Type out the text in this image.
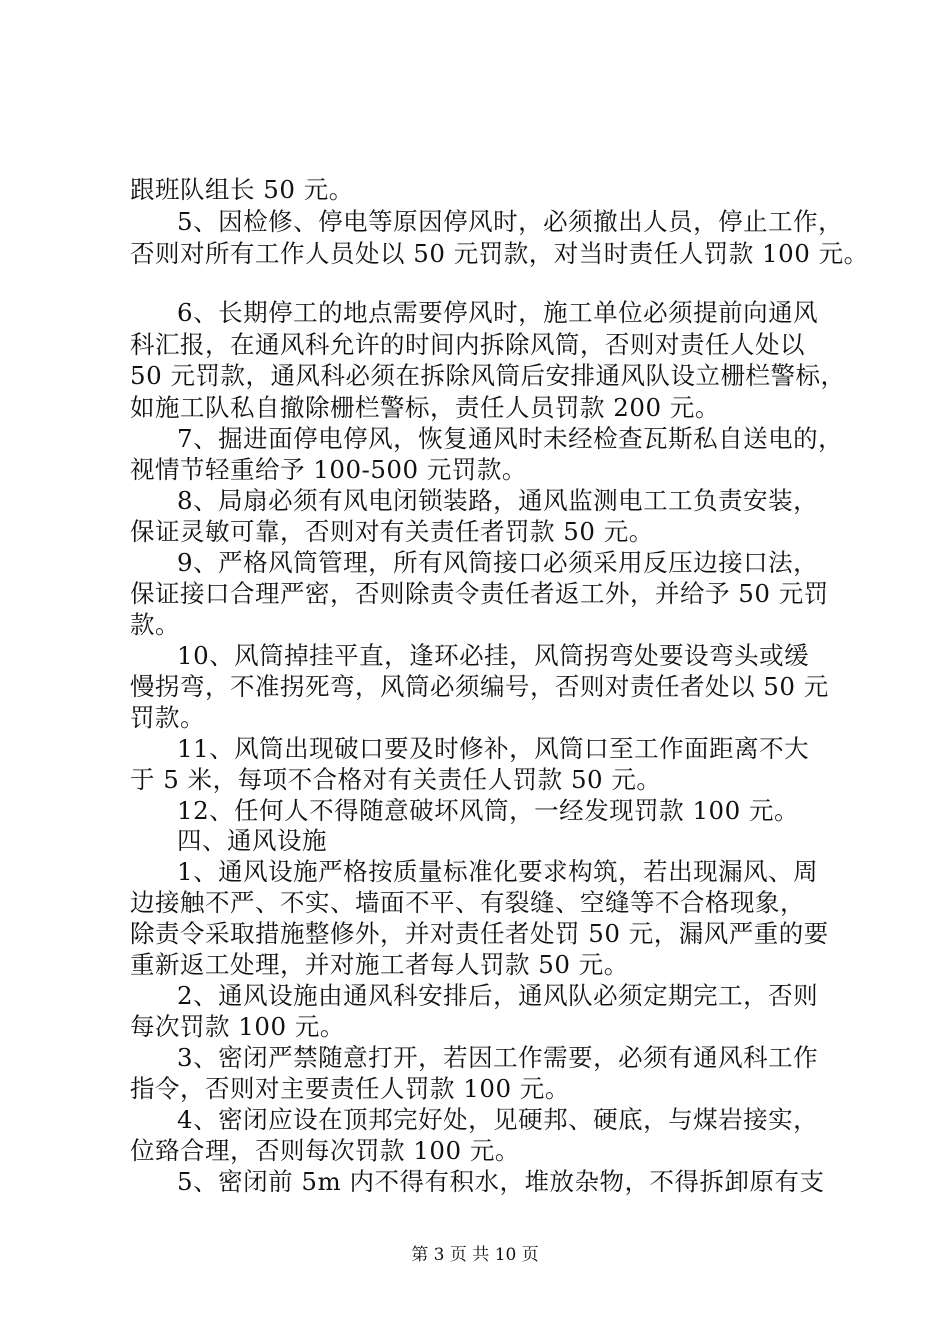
跟班队组长 50 元。
5、因检修、停电等原因停风时，必须撤出人员，停止工作，
否则对所有工作人员处以 50 元罚款，对当时责任人罚款 100 元。
6、长期停工的地点需要停风时，施工单位必须提前向通风
科汇报，在通风科允许的时间内拆除风筒，否则对责任人处以
50 元罚款，通风科必须在拆除风筒后安排通风队设立栅栏警标，
如施工队私自撤除栅栏警标，责任人员罚款 200 元。
7、掘进面停电停风，恢复通风时未经检查瓦斯私自送电的，
视情节轻重给予 100-500 元罚款。
8、局扇必须有风电闭锁装路，通风监测电工工负责安装，
保证灵敏可靠，否则对有关责任者罚款 50 元。
9、严格风筒管理，所有风筒接口必须采用反压边接口法，
保证接口合理严密，否则除责令责任者返工外，并给予 50 元罚
款。
10、风筒掉挂平直，逢环必挂，风筒拐弯处要设弯头或缓
慢拐弯，不准拐死弯，风筒必须编号，否则对责任者处以 50 元
罚款。
11、风筒出现破口要及时修补，风筒口至工作面距离不大
于 5 米，每项不合格对有关责任人罚款 50 元。
12、任何人不得随意破坏风筒，一经发现罚款 100 元。
四、通风设施
1、通风设施严格按质量标准化要求构筑，若出现漏风、周
边接触不严、不实、墙面不平、有裂缝、空缝等不合格现象，
除责令采取措施整修外，并对责任者处罚 50 元，漏风严重的要
重新返工处理，并对施工者每人罚款 50 元。
2、通风设施由通风科安排后，通风队必须定期完工，否则
每次罚款 100 元。
3、密闭严禁随意打开，若因工作需要，必须有通风科工作
指令，否则对主要责任人罚款 100 元。
4、密闭应设在顶邦完好处，见硬邦、硬底，与煤岩接实，
位臵合理，否则每次罚款 100 元。
5、密闭前 5m 内不得有积水，堆放杂物，不得拆卸原有支
第 3 页 共 10 页
